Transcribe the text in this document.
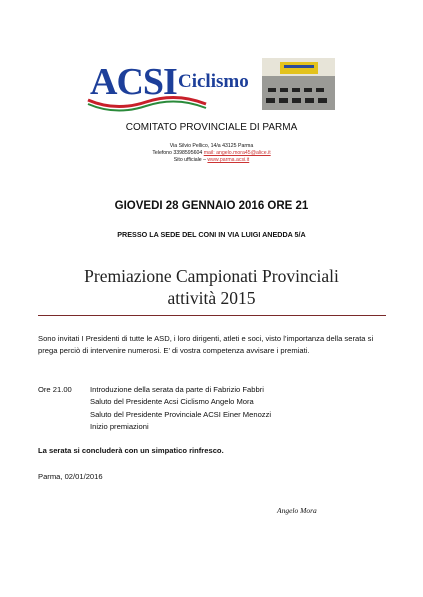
ACSI Ciclismo
COMITATO PROVINCIALE DI PARMA
Via Silvio Pellico, 14/a 43125 Parma
Telefono 3398595604 mail: angelo.mora45@alice.it
Sito ufficiale – www.parma.acsi.it
GIOVEDI 28 GENNAIO 2016 ORE 21
PRESSO LA SEDE DEL CONI IN VIA LUIGI ANEDDA 5/A
Premiazione Campionati Provinciali
attività 2015
Sono invitati I Presidenti di tutte le ASD, i loro dirigenti, atleti e soci, visto l’importanza della serata si prega perciò di intervenire numerosi. E’ di vostra competenza avvisare i premiati.
Ore 21.00 Introduzione della serata da parte di Fabrizio Fabbri
Saluto del Presidente Acsi Ciclismo Angelo Mora
Saluto del Presidente Provinciale ACSI Einer Menozzi
Inizio premiazioni
La serata si concluderà con un simpatico rinfresco.
Parma, 02/01/2016
Angelo Mora
